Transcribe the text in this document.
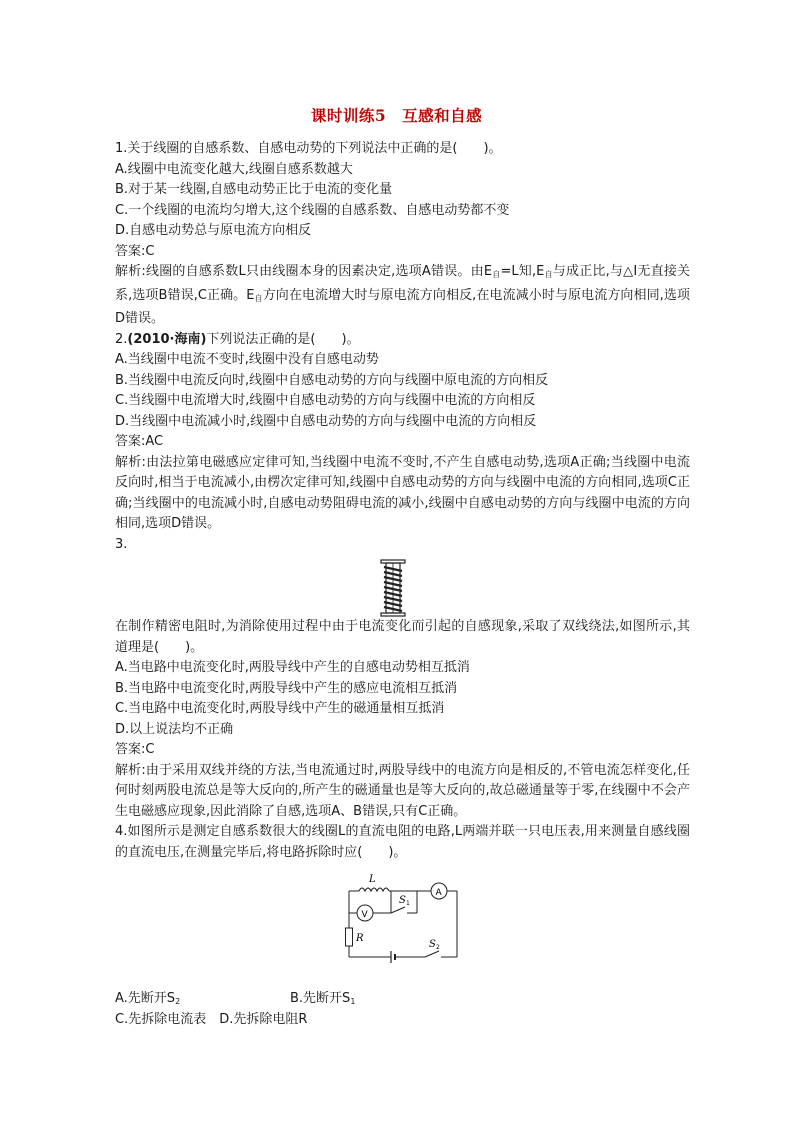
课时训练5 互感和自感
1.关于线圈的自感系数、自感电动势的下列说法中正确的是(　　)。
A.线圈中电流变化越大,线圈自感系数越大
B.对于某一线圈,自感电动势正比于电流的变化量
C.一个线圈的电流均匀增大,这个线圈的自感系数、自感电动势都不变
D.自感电动势总与原电流方向相反
答案:C
解析:线圈的自感系数L只由线圈本身的因素决定,选项A错误。由$E_自=L$知$,E_自$与成正比,与△I无直接关系,选项B错误,C正确。$E_自$方向在电流增大时与原电流方向相反,在电流减小时与原电流方向相同,选项D错误。
2.(2010·海南)下列说法正确的是(　　)。
A.当线圈中电流不变时,线圈中没有自感电动势
B.当线圈中电流反向时,线圈中自感电动势的方向与线圈中原电流的方向相反
C.当线圈中电流增大时,线圈中自感电动势的方向与线圈中电流的方向相反
D.当线圈中电流减小时,线圈中自感电动势的方向与线圈中电流的方向相反
答案:AC
解析:由法拉第电磁感应定律可知,当线圈中电流不变时,不产生自感电动势,选项A正确;当线圈中电流反向时,相当于电流减小,由楞次定律可知,线圈中自感电动势的方向与线圈中电流的方向相同,选项C正确;当线圈中的电流减小时,自感电动势阻碍电流的减小,线圈中自感电动势的方向与线圈中电流的方向相同,选项D错误。
3.
在制作精密电阻时,为消除使用过程中由于电流变化而引起的自感现象,采取了双线绕法,如图所示,其道理是(　　)。
A.当电路中电流变化时,两股导线中产生的自感电动势相互抵消
B.当电路中电流变化时,两股导线中产生的感应电流相互抵消
C.当电路中电流变化时,两股导线中产生的磁通量相互抵消
D.以上说法均不正确
答案:C
解析:由于采用双线并绕的方法,当电流通过时,两股导线中的电流方向是相反的,不管电流怎样变化,任何时刻两股电流总是等大反向的,所产生的磁通量也是等大反向的,故总磁通量等于零,在线圈中不会产生电磁感应现象,因此消除了自感,选项A、B错误,只有C正确。
4.如图所示是测定自感系数很大的线圈L的直流电阻的电路,L两端并联一只电压表,用来测量自感线圈的直流电压,在测量完毕后,将电路拆除时应(　　)。
L
A
V
S 1
S 2
R
A.先断开$S_2$	B.先断开$S_1$
C.先拆除电流表　D.先拆除电阻R
